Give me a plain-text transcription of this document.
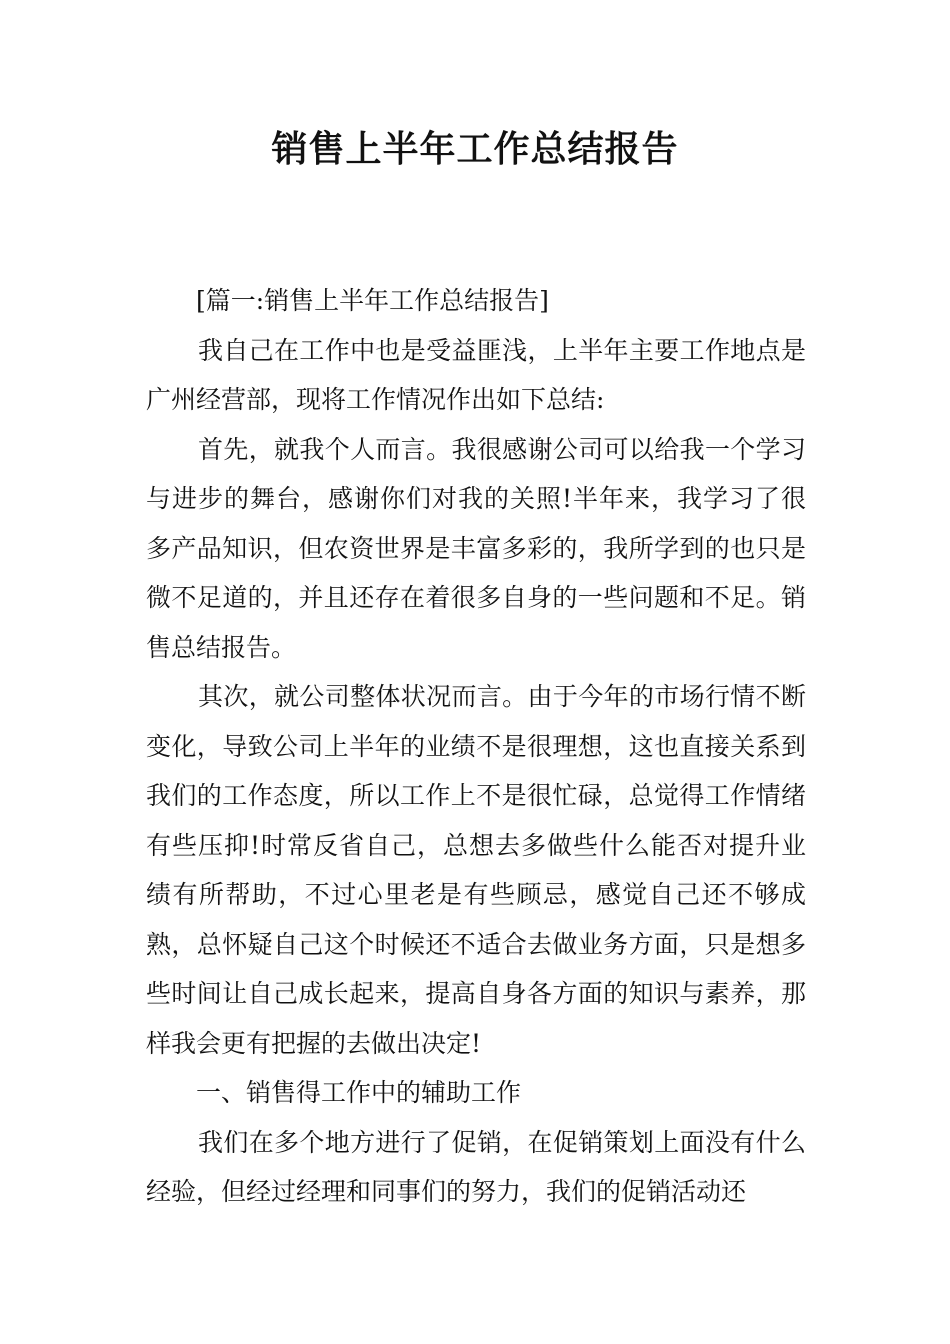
销售上半年工作总结报告

[篇一:销售上半年工作总结报告]

我自己在工作中也是受益匪浅，上半年主要工作地点是广州经营部，现将工作情况作出如下总结:

首先，就我个人而言。我很感谢公司可以给我一个学习与进步的舞台，感谢你们对我的关照!半年来，我学习了很多产品知识，但农资世界是丰富多彩的，我所学到的也只是微不足道的，并且还存在着很多自身的一些问题和不足。销售总结报告。

其次，就公司整体状况而言。由于今年的市场行情不断变化，导致公司上半年的业绩不是很理想，这也直接关系到我们的工作态度，所以工作上不是很忙碌，总觉得工作情绪有些压抑!时常反省自己，总想去多做些什么能否对提升业绩有所帮助，不过心里老是有些顾忌，感觉自己还不够成熟，总怀疑自己这个时候还不适合去做业务方面，只是想多些时间让自己成长起来，提高自身各方面的知识与素养，那样我会更有把握的去做出决定!

一、销售得工作中的辅助工作

我们在多个地方进行了促销，在促销策划上面没有什么经验，但经过经理和同事们的努力，我们的促销活动还
